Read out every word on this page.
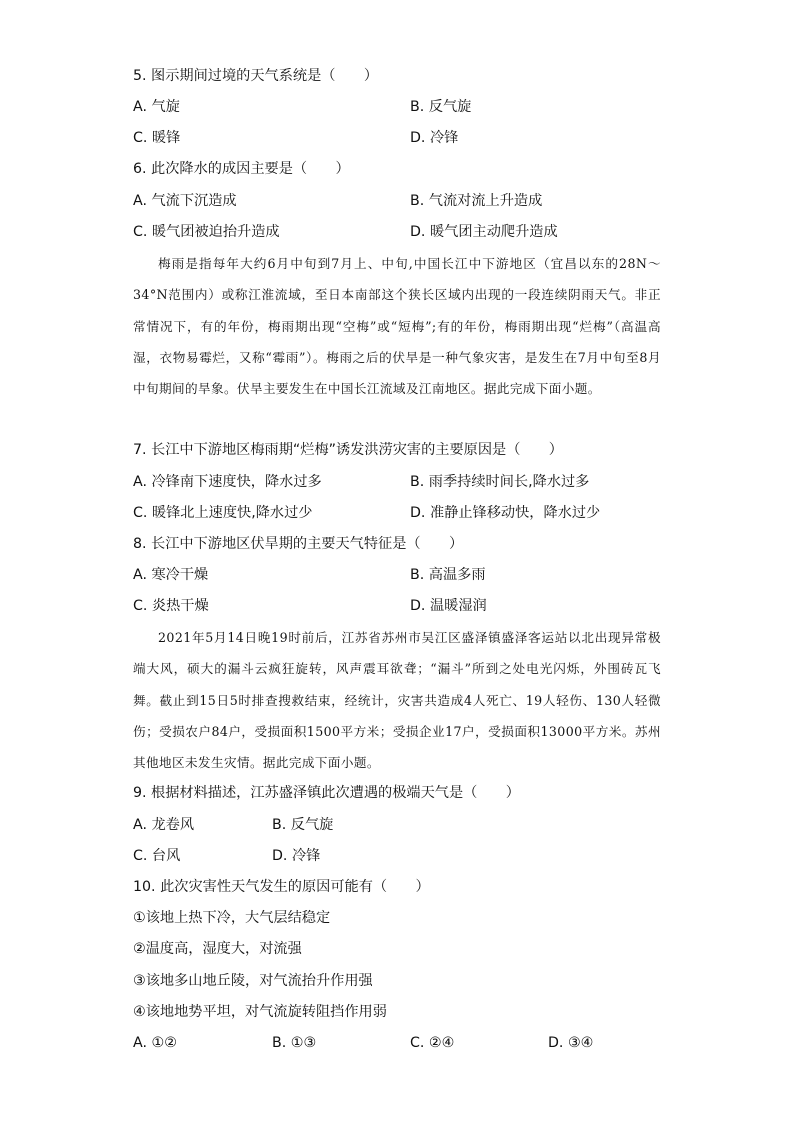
5. 图示期间过境的天气系统是（　　）
A. 气旋	B. 反气旋
C. 暖锋	D. 冷锋
6. 此次降水的成因主要是（　　）
A. 气流下沉造成	B. 气流对流上升造成
C. 暖气团被迫抬升造成	D. 暖气团主动爬升造成
梅雨是指每年大约6月中旬到7月上、中旬,中国长江中下游地区（宜昌以东的28N～34°N范围内）或称江淮流域，至日本南部这个狭长区域内出现的一段连续阴雨天气。非正常情况下，有的年份，梅雨期出现“空梅”或“短梅”;有的年份，梅雨期出现“烂梅”（高温高湿，衣物易霉烂，又称“霉雨”）。梅雨之后的伏旱是一种气象灾害，是发生在7月中旬至8月中旬期间的旱象。伏旱主要发生在中国长江流域及江南地区。据此完成下面小题。
7. 长江中下游地区梅雨期“烂梅”诱发洪涝灾害的主要原因是（　　）
A. 冷锋南下速度快，降水过多	B. 雨季持续时间长,降水过多
C. 暖锋北上速度快,降水过少	D. 准静止锋移动快，降水过少
8. 长江中下游地区伏旱期的主要天气特征是（　　）
A. 寒冷干燥	B. 高温多雨
C. 炎热干燥	D. 温暖湿润
2021年5月14日晚19时前后，江苏省苏州市吴江区盛泽镇盛泽客运站以北出现异常极端大风，硕大的漏斗云疯狂旋转，风声震耳欲聋；“漏斗”所到之处电光闪烁，外围砖瓦飞舞。截止到15日5时排查搜救结束，经统计，灾害共造成4人死亡、19人轻伤、130人轻微伤；受损农户84户，受损面积1500平方米；受损企业17户，受损面积13000平方米。苏州其他地区未发生灾情。据此完成下面小题。
9. 根据材料描述，江苏盛泽镇此次遭遇的极端天气是（　　）
A. 龙卷风	B. 反气旋
C. 台风	D. 冷锋
10. 此次灾害性天气发生的原因可能有（　　）
①该地上热下冷，大气层结稳定
②温度高，湿度大，对流强
③该地多山地丘陵，对气流抬升作用强
④该地地势平坦，对气流旋转阻挡作用弱
A. ①②	B. ①③	C. ②④	D. ③④
